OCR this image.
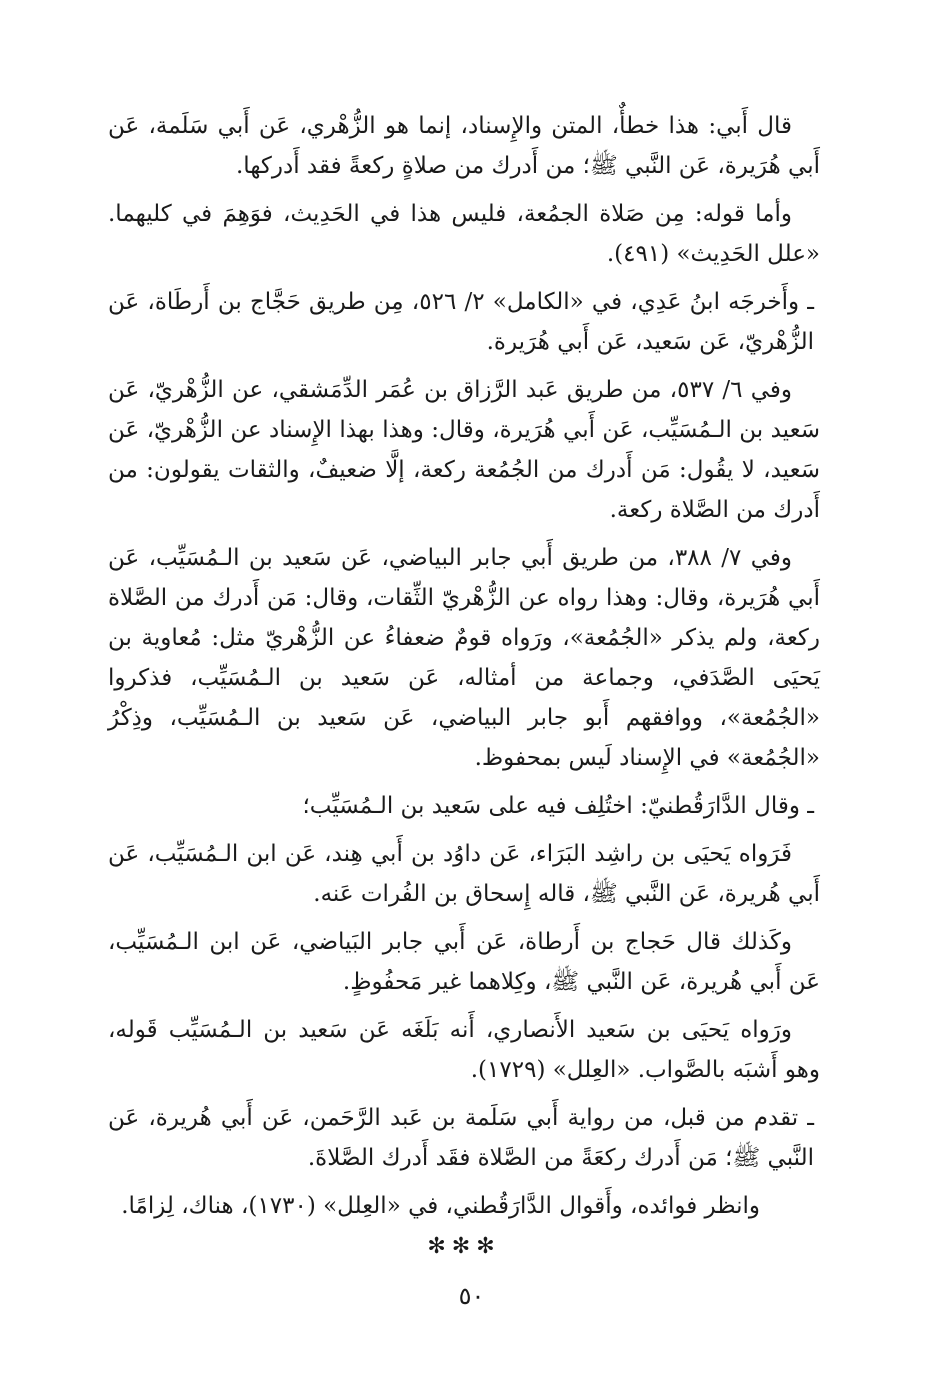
قال أَبي: هذا خطأٌ، المتن والإِسناد، إنما هو الزُّهْري، عَن أَبي سَلَمة، عَن أَبي هُرَيرة، عَن النَّبي ﷺ؛ من أَدرك من صلاةٍ ركعةً فقد أَدركها.

وأما قوله: مِن صَلاة الجمُعة، فليس هذا في الحَدِيث، فوَهِمَ في كليهما. «علل الحَدِيث» (٤٩١).

ـ وأَخرجَه ابنُ عَدِي، في «الكامل» ٢/ ٥٢٦، مِن طريق حَجَّاج بن أَرطَاة، عَن الزُّهْريّ، عَن سَعيد، عَن أَبي هُرَيرة.

وفي ٦/ ٥٣٧، من طريق عَبد الرَّزاق بن عُمَر الدِّمَشقي، عن الزُّهْريّ، عَن سَعيد بن الـمُسَيِّب، عَن أَبي هُرَيرة، وقال: وهذا بهذا الإِسناد عن الزُّهْريّ، عَن سَعيد، لا يقُول: مَن أَدرك من الجُمُعة ركعة، إلَّا ضعيفٌ، والثقات يقولون: من أَدرك من الصَّلاة ركعة.

وفي ٧/ ٣٨٨، من طريق أَبي جابر البياضي، عَن سَعيد بن الـمُسَيِّب، عَن أَبي هُرَيرة، وقال: وهذا رواه عن الزُّهْريّ الثِّقات، وقال: مَن أَدرك من الصَّلاة ركعة، ولم يذكر «الجُمُعة»، ورَواه قومٌ ضعفاءُ عن الزُّهْريّ مثل: مُعاوية بن يَحيَى الصَّدَفي، وجماعة من أمثاله، عَن سَعيد بن الـمُسَيِّب، فذكروا «الجُمُعة»، ووافقهم أَبو جابر البياضي، عَن سَعيد بن الـمُسَيِّب، وذِكْرُ «الجُمُعة» في الإِسناد لَيس بمحفوظ.

ـ وقال الدَّارَقُطنيّ: اختُلِف فيه على سَعيد بن الـمُسَيِّب؛

فَرَواه يَحيَى بن راشِد البَرَاء، عَن داوُد بن أَبي هِند، عَن ابن الـمُسَيِّب، عَن أَبي هُريرة، عَن النَّبي ﷺ، قاله إِسحاق بن الفُرات عَنه.

وكَذلك قال حَجاج بن أَرطاة، عَن أَبي جابر البَياضي، عَن ابن الـمُسَيِّب، عَن أَبي هُريرة، عَن النَّبي ﷺ، وكِلاهما غير مَحفُوظٍ.

ورَواه يَحيَى بن سَعيد الأَنصاري، أَنه بَلَغَه عَن سَعيد بن الـمُسَيِّب قَوله، وهو أَشبَه بالصَّواب. «العِلل» (١٧٢٩).

ـ تقدم من قبل، من رواية أَبي سَلَمة بن عَبد الرَّحَمن، عَن أَبي هُريرة، عَن النَّبي ﷺ؛ مَن أَدرك ركعَةً من الصَّلاة فقَد أَدرك الصَّلاةَ.

وانظر فوائده، وأَقوال الدَّارَقُطني، في «العِلل» (١٧٣٠)، هناك، لِزامًا.

✻✻✻
٥٠
